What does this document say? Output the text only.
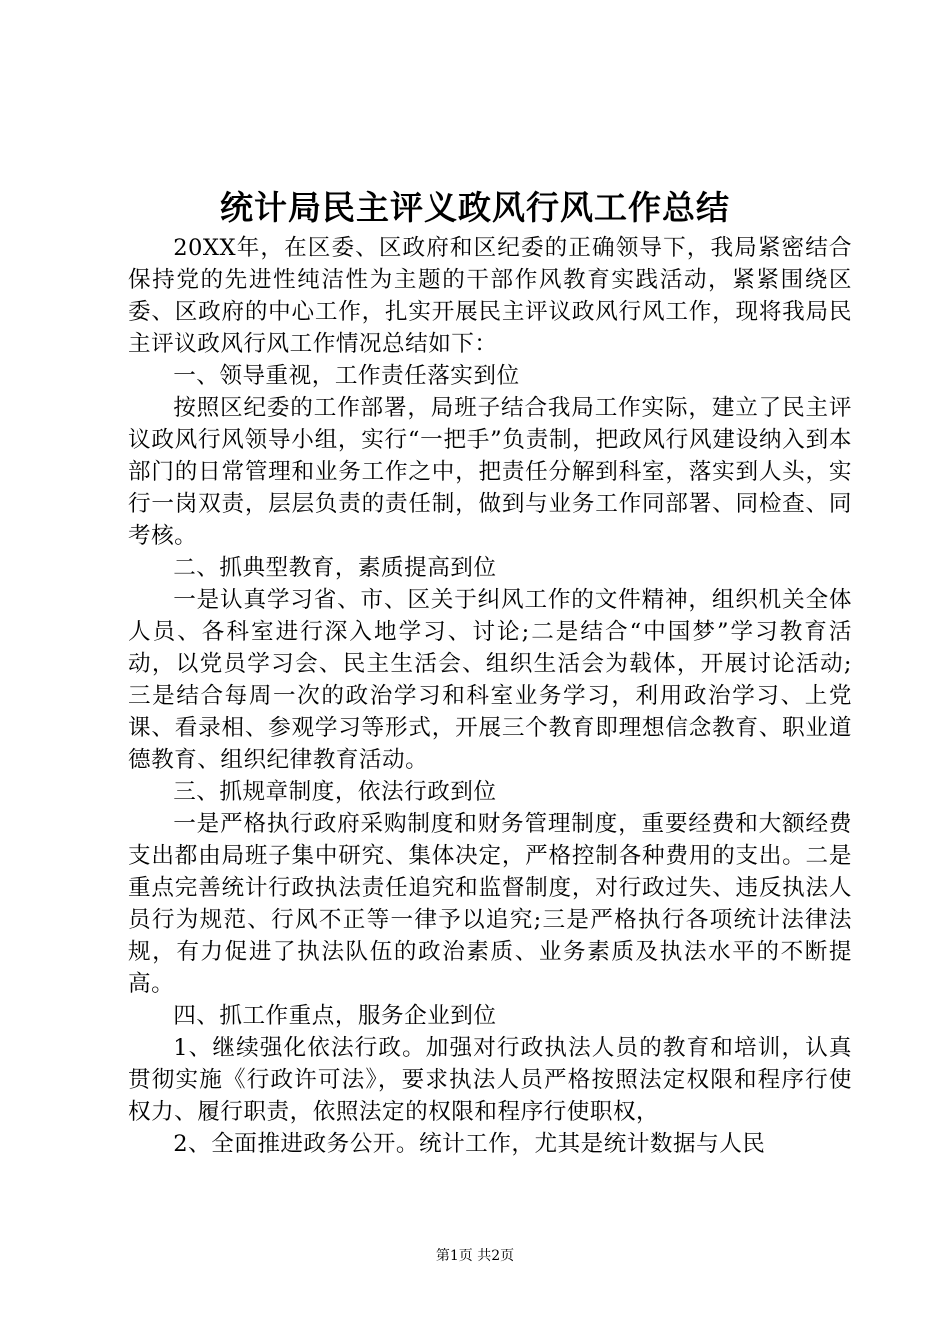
统计局民主评义政风行风工作总结

20XX年，在区委、区政府和区纪委的正确领导下，我局紧密结合保持党的先进性纯洁性为主题的干部作风教育实践活动，紧紧围绕区委、区政府的中心工作，扎实开展民主评议政风行风工作，现将我局民主评议政风行风工作情况总结如下：

一、领导重视，工作责任落实到位

按照区纪委的工作部署，局班子结合我局工作实际，建立了民主评议政风行风领导小组，实行“一把手”负责制，把政风行风建设纳入到本部门的日常管理和业务工作之中，把责任分解到科室，落实到人头，实行一岗双责，层层负责的责任制，做到与业务工作同部署、同检查、同考核。

二、抓典型教育，素质提高到位

一是认真学习省、市、区关于纠风工作的文件精神，组织机关全体人员、各科室进行深入地学习、讨论;二是结合“中国梦”学习教育活动，以党员学习会、民主生活会、组织生活会为载体，开展讨论活动;三是结合每周一次的政治学习和科室业务学习，利用政治学习、上党课、看录相、参观学习等形式，开展三个教育即理想信念教育、职业道德教育、组织纪律教育活动。

三、抓规章制度，依法行政到位

一是严格执行政府采购制度和财务管理制度，重要经费和大额经费支出都由局班子集中研究、集体决定，严格控制各种费用的支出。二是重点完善统计行政执法责任追究和监督制度，对行政过失、违反执法人员行为规范、行风不正等一律予以追究;三是严格执行各项统计法律法规，有力促进了执法队伍的政治素质、业务素质及执法水平的不断提高。

四、抓工作重点，服务企业到位

1、继续强化依法行政。加强对行政执法人员的教育和培训，认真贯彻实施《行政许可法》，要求执法人员严格按照法定权限和程序行使权力、履行职责，依照法定的权限和程序行使职权，

2、全面推进政务公开。统计工作，尤其是统计数据与人民

第1页 共2页
